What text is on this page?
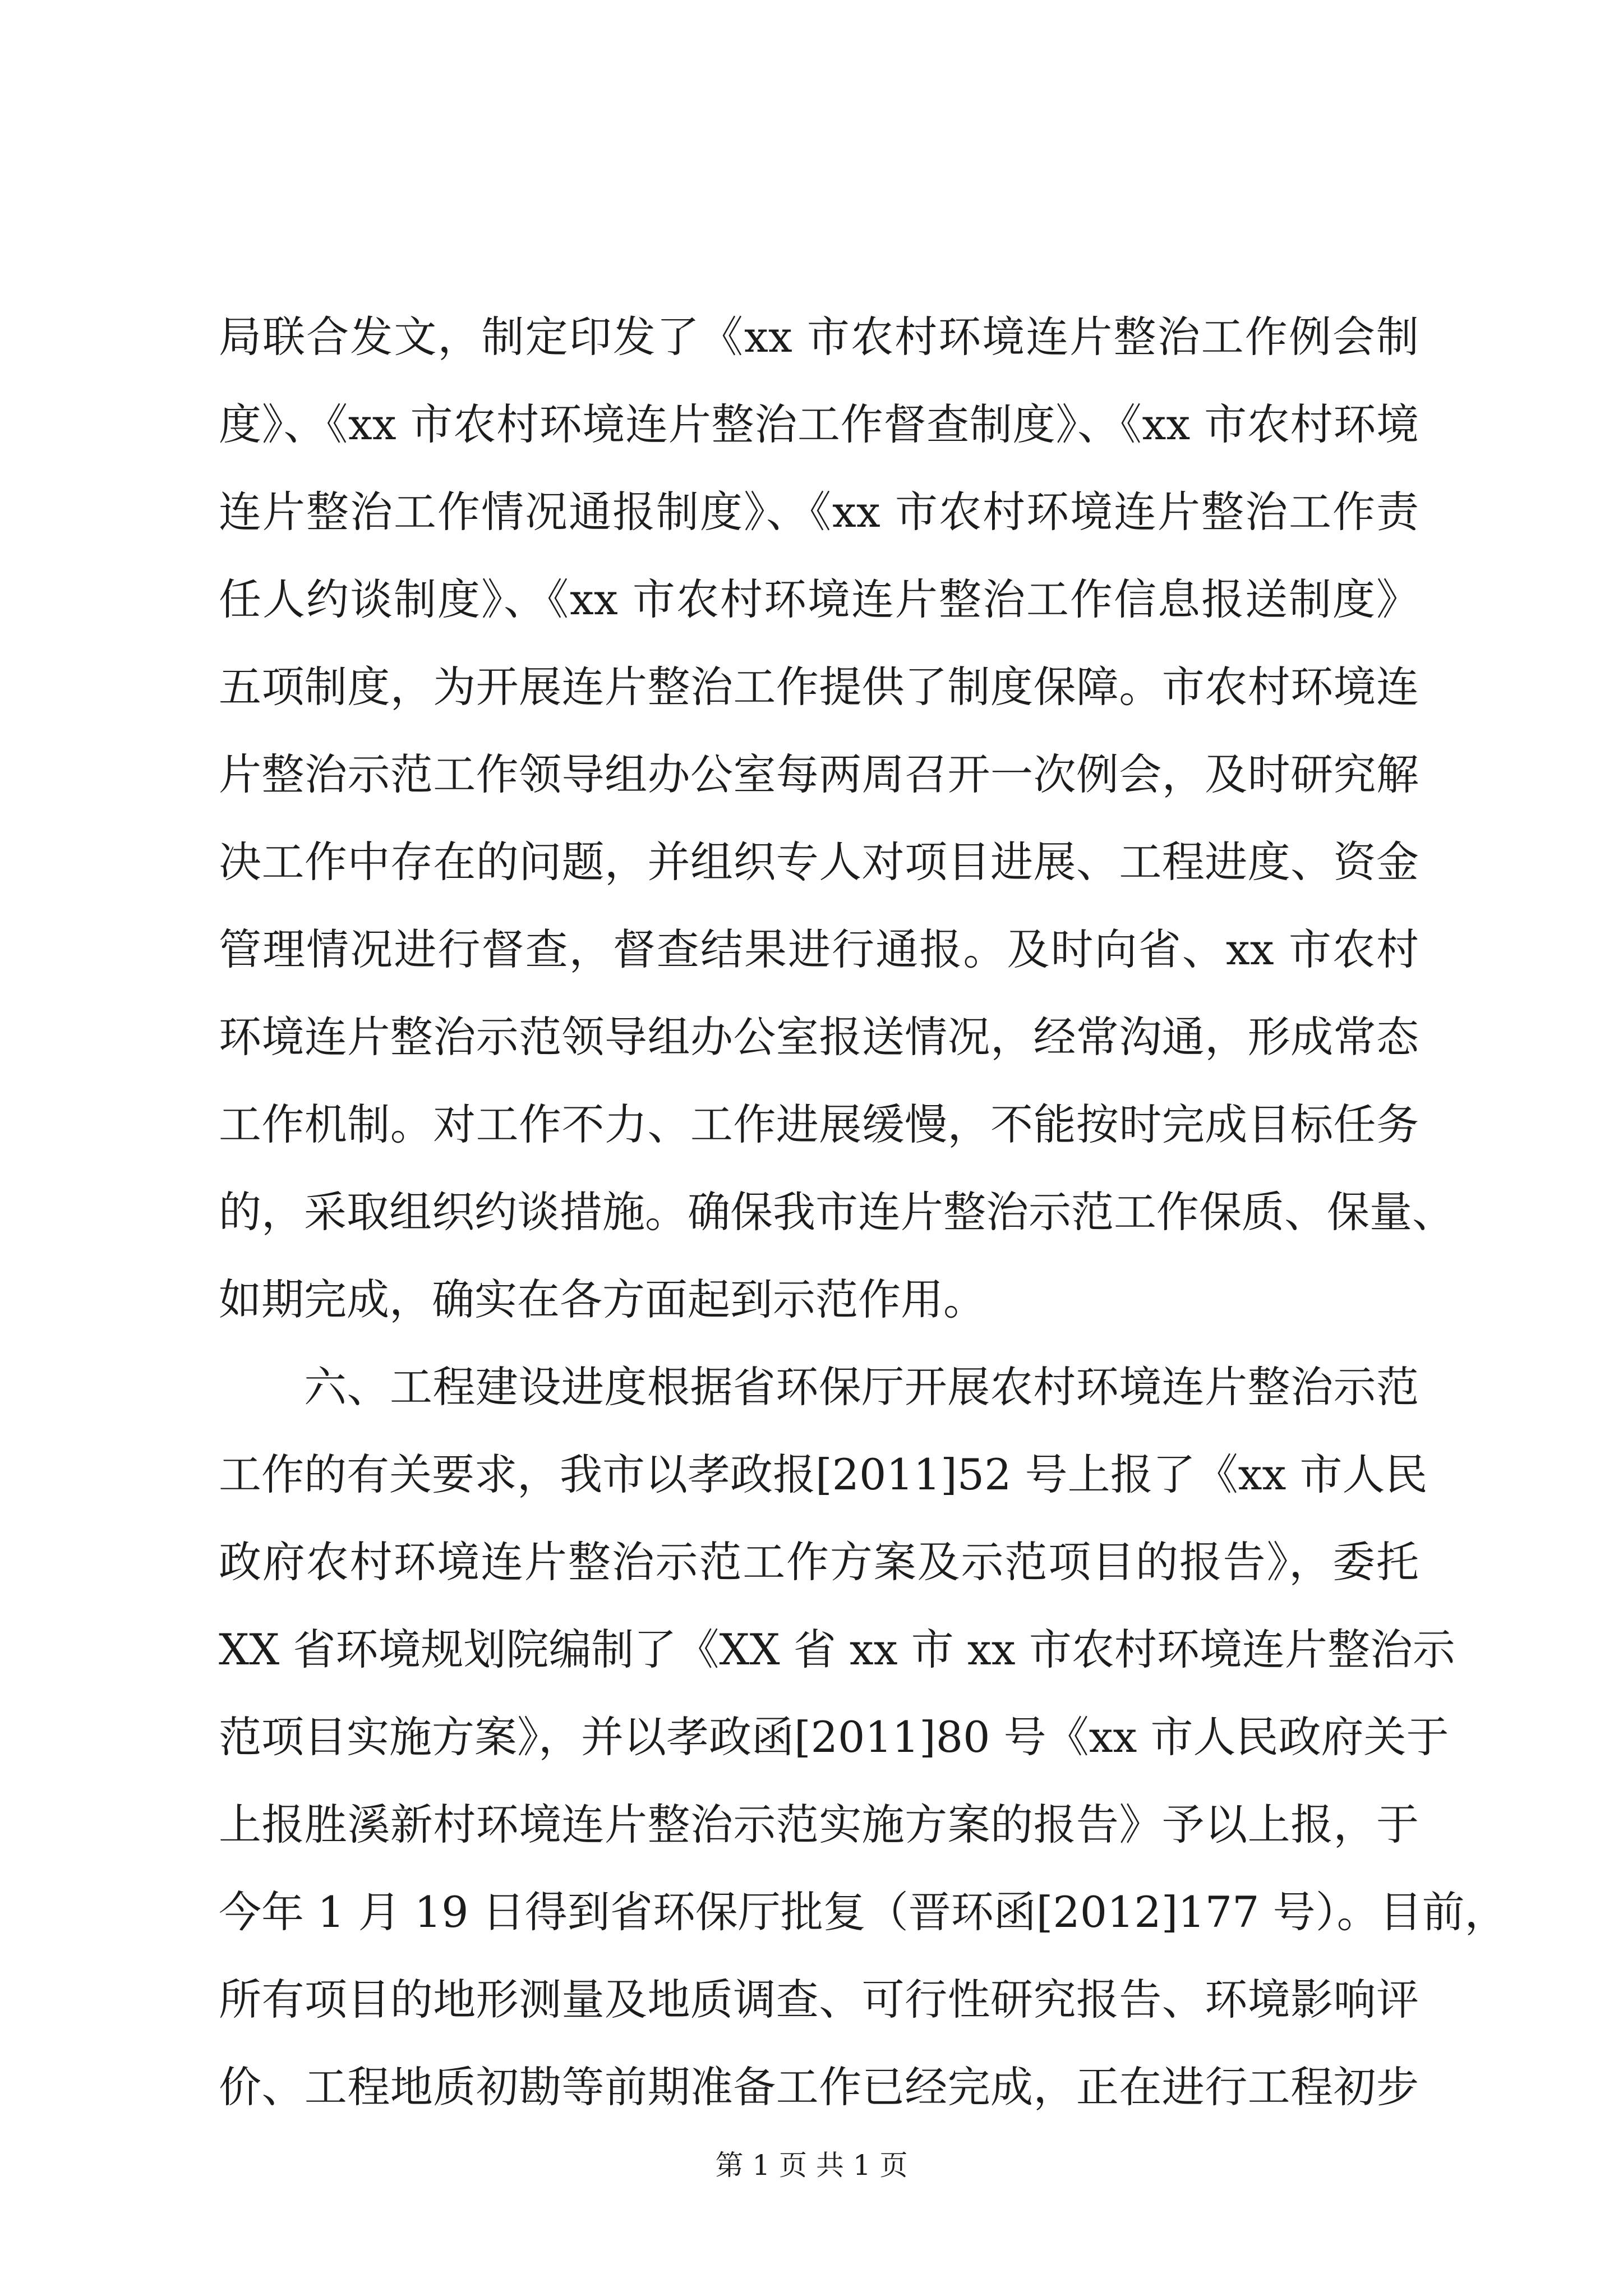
局联合发文，制定印发了《xx 市农村环境连片整治工作例会制
度》、《xx 市农村环境连片整治工作督查制度》、《xx 市农村环境
连片整治工作情况通报制度》、《xx 市农村环境连片整治工作责
任人约谈制度》、《xx 市农村环境连片整治工作信息报送制度》
五项制度，为开展连片整治工作提供了制度保障。市农村环境连
片整治示范工作领导组办公室每两周召开一次例会，及时研究解
决工作中存在的问题，并组织专人对项目进展、工程进度、资金
管理情况进行督查，督查结果进行通报。及时向省、xx 市农村
环境连片整治示范领导组办公室报送情况，经常沟通，形成常态
工作机制。对工作不力、工作进展缓慢，不能按时完成目标任务
的，采取组织约谈措施。确保我市连片整治示范工作保质、保量、
如期完成，确实在各方面起到示范作用。
六、工程建设进度根据省环保厅开展农村环境连片整治示范
工作的有关要求，我市以孝政报[2011]52 号上报了《xx 市人民
政府农村环境连片整治示范工作方案及示范项目的报告》，委托
XX 省环境规划院编制了《XX 省 xx 市 xx 市农村环境连片整治示
范项目实施方案》，并以孝政函[2011]80 号《xx 市人民政府关于
上报胜溪新村环境连片整治示范实施方案的报告》予以上报，于
今年 1 月 19 日得到省环保厅批复（晋环函[2012]177 号）。目前，
所有项目的地形测量及地质调查、可行性研究报告、环境影响评
价、工程地质初勘等前期准备工作已经完成，正在进行工程初步
第 1 页 共 1 页
